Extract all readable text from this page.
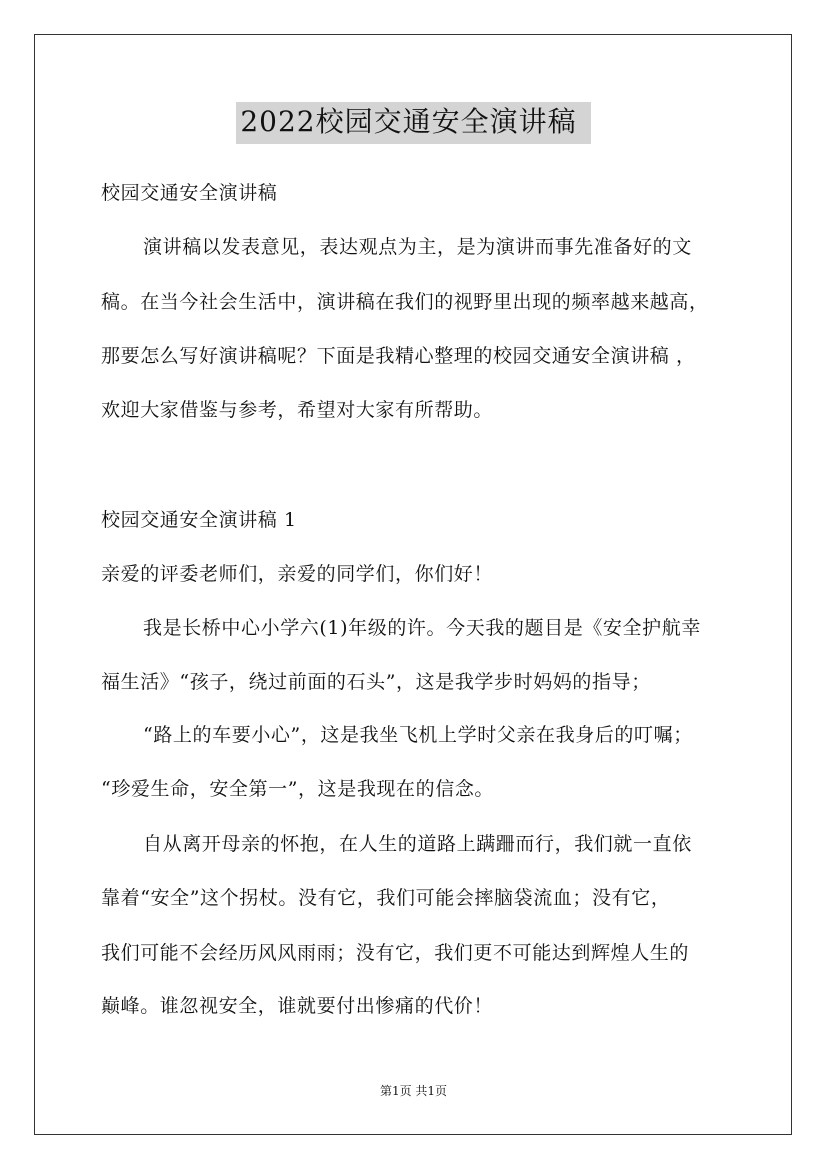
2022校园交通安全演讲稿
校园交通安全演讲稿
演讲稿以发表意见，表达观点为主，是为演讲而事先准备好的文
稿。在当今社会生活中，演讲稿在我们的视野里出现的频率越来越高，
那要怎么写好演讲稿呢？下面是我精心整理的校园交通安全演讲稿 ，
欢迎大家借鉴与参考，希望对大家有所帮助。
校园交通安全演讲稿 1
亲爱的评委老师们，亲爱的同学们，你们好！
我是长桥中心小学六(1)年级的许。今天我的题目是《安全护航幸
福生活》“孩子，绕过前面的石头”，这是我学步时妈妈的指导；
“路上的车要小心”，这是我坐飞机上学时父亲在我身后的叮嘱；
“珍爱生命，安全第一”，这是我现在的信念。
自从离开母亲的怀抱，在人生的道路上蹒跚而行，我们就一直依
靠着“安全”这个拐杖。没有它，我们可能会摔脑袋流血；没有它，
我们可能不会经历风风雨雨；没有它，我们更不可能达到辉煌人生的
巅峰。谁忽视安全，谁就要付出惨痛的代价！
第1页 共1页
